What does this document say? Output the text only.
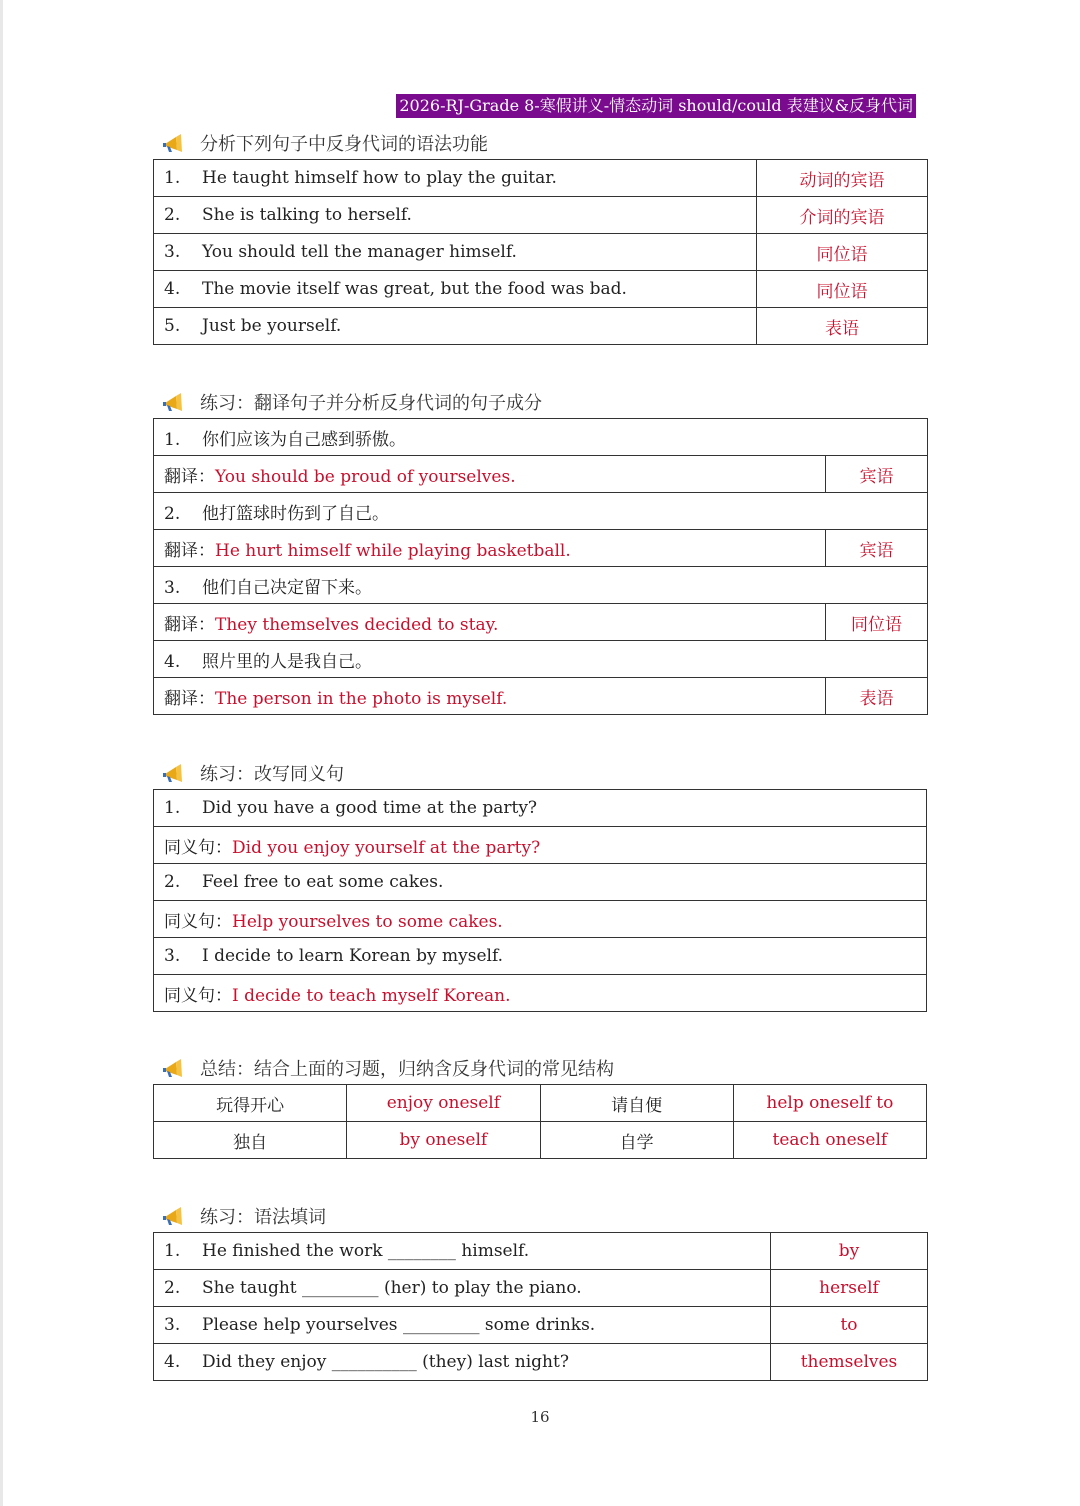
2026-RJ-Grade 8-寒假讲义-情态动词 should/could 表建议&反身代词
分析下列句子中反身代词的语法功能
1. He taught himself how to play the guitar.	动词的宾语
2. She is talking to herself.	介词的宾语
3. You should tell the manager himself.	同位语
4. The movie itself was great, but the food was bad.	同位语
5. Just be yourself.	表语
练习：翻译句子并分析反身代词的句子成分
1. 你们应该为自己感到骄傲。	
翻译：You should be proud of yourselves.	宾语
2. 他打篮球时伤到了自己。	
翻译：He hurt himself while playing basketball.	宾语
3. 他们自己决定留下来。	
翻译：They themselves decided to stay.	同位语
4. 照片里的人是我自己。	
翻译：The person in the photo is myself.	表语
练习：改写同义句
1. Did you have a good time at the party?
同义句：Did you enjoy yourself at the party?
2. Feel free to eat some cakes.
同义句：Help yourselves to some cakes.
3. I decide to learn Korean by myself.
同义句：I decide to teach myself Korean.
总结：结合上面的习题，归纳含反身代词的常见结构
玩得开心	enjoy oneself	请自便	help oneself to
独自	by oneself	自学	teach oneself
练习：语法填词
1. He finished the work ________ himself.	by
2. She taught _________ (her) to play the piano.	herself
3. Please help yourselves _________ some drinks.	to
4. Did they enjoy __________ (they) last night?	themselves
16
